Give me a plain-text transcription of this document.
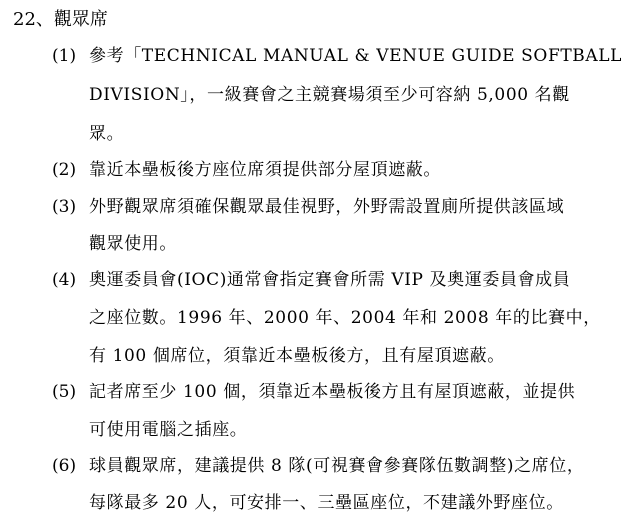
22、觀眾席
(1) 參考「TECHNICAL MANUAL & VENUE GUIDE SOFTBALL
DIVISION」，一級賽會之主競賽場須至少可容納 5,000 名觀
眾。
(2) 靠近本壘板後方座位席須提供部分屋頂遮蔽。
(3) 外野觀眾席須確保觀眾最佳視野，外野需設置廁所提供該區域
觀眾使用。
(4) 奧運委員會(IOC)通常會指定賽會所需 VIP 及奧運委員會成員
之座位數。1996 年、2000 年、2004 年和 2008 年的比賽中，
有 100 個席位，須靠近本壘板後方，且有屋頂遮蔽。
(5) 記者席至少 100 個，須靠近本壘板後方且有屋頂遮蔽，並提供
可使用電腦之插座。
(6) 球員觀眾席，建議提供 8 隊(可視賽會參賽隊伍數調整)之席位，
每隊最多 20 人，可安排一、三壘區座位，不建議外野座位。
